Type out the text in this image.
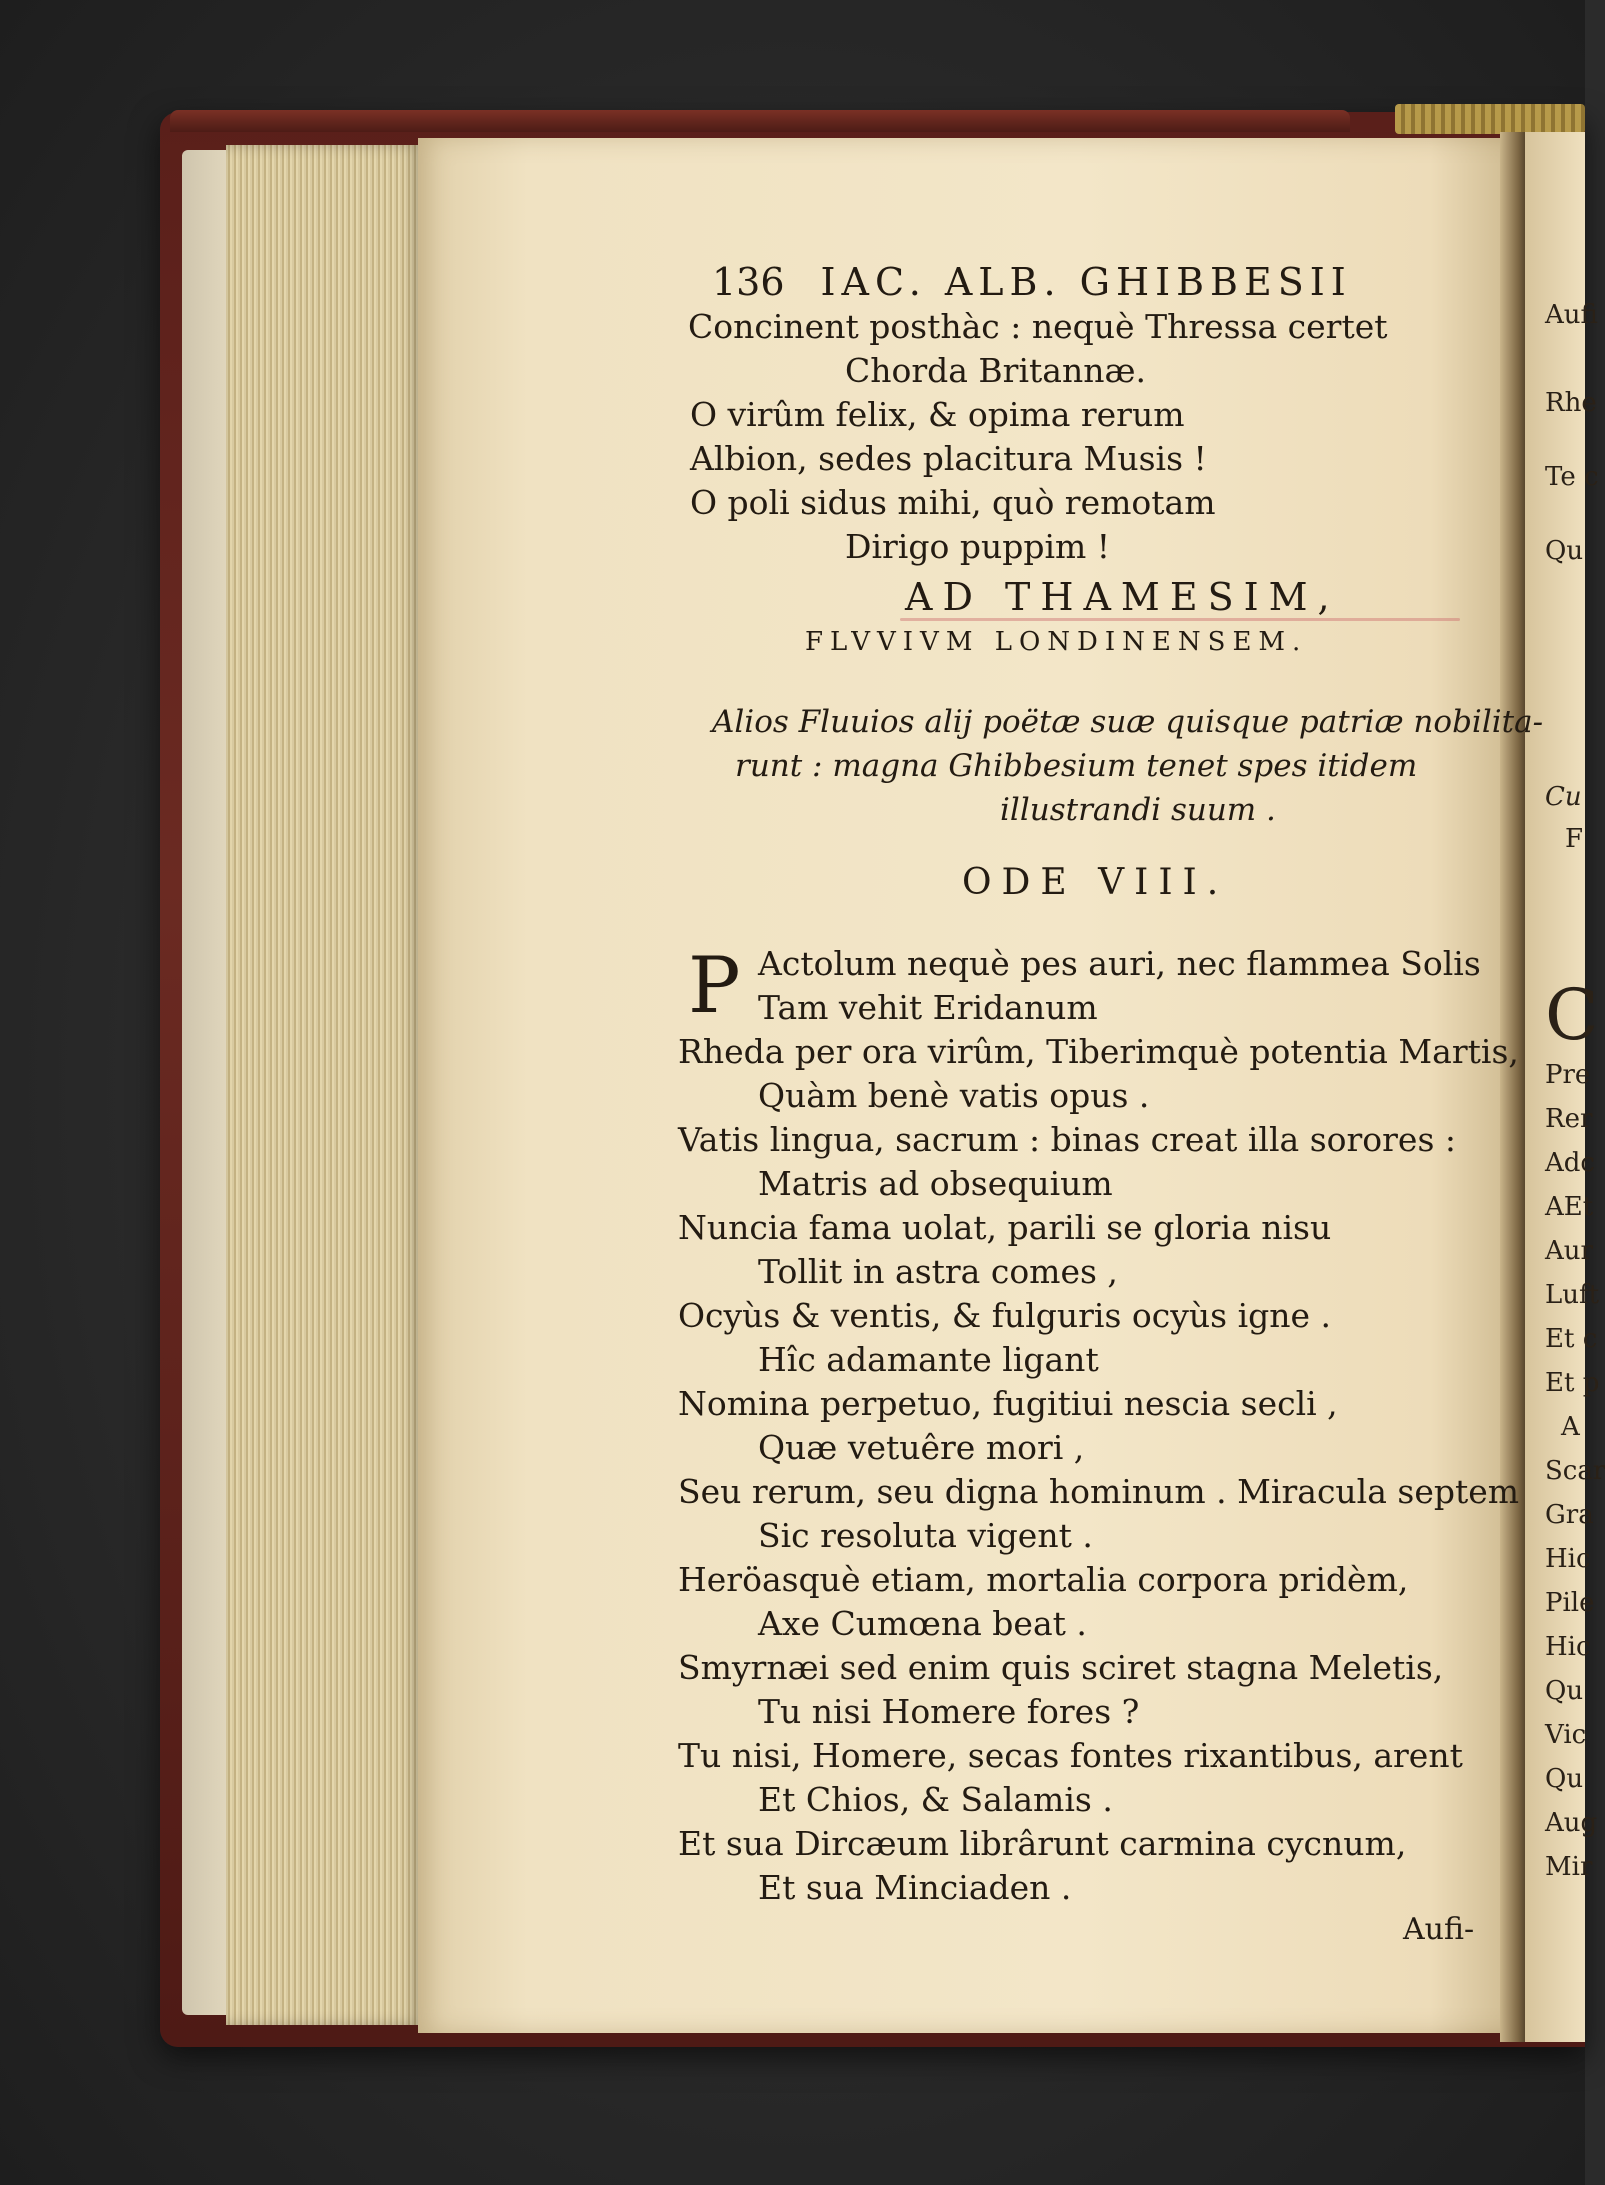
Aufi
Rhe
Te c
Qu
Cu
F
C
Pre
Rer
Adc
AEt
Aur
Luft
Et c
Et p
A
Scar
Gra
Hic
Pile
Hic
Qu
Vic
Qu
Aug
Mir
136 IAC. ALB. GHIBBESII
Concinent posthàc : nequè Thressa certet
Chorda Britannæ.
O virûm felix, & opima rerum
Albion, sedes placitura Musis !
O poli sidus mihi, quò remotam
Dirigo puppim !
AD THAMESIM,
FLVVIVM LONDINENSEM.
Alios Fluuios alij poëtæ suæ quisque patriæ nobilita-
runt : magna Ghibbesium tenet spes itidem
illustrandi suum .
ODE VIII.
P Actolum nequè pes auri, nec flammea Solis
Tam vehit Eridanum
Rheda per ora virûm, Tiberimquè potentia Martis,
Quàm benè vatis opus .
Vatis lingua, sacrum : binas creat illa sorores :
Matris ad obsequium
Nuncia fama uolat, parili se gloria nisu
Tollit in astra comes ,
Ocyùs & ventis, & fulguris ocyùs igne .
Hîc adamante ligant
Nomina perpetuo, fugitiui nescia secli ,
Quæ vetuêre mori ,
Seu rerum, seu digna hominum . Miracula septem
Sic resoluta vigent .
Heröasquè etiam, mortalia corpora pridèm,
Axe Cumœna beat .
Smyrnæi sed enim quis sciret stagna Meletis,
Tu nisi Homere fores ?
Tu nisi, Homere, secas fontes rixantibus, arent
Et Chios, & Salamis .
Et sua Dircæum librârunt carmina cycnum,
Et sua Minciaden .
Aufi-
